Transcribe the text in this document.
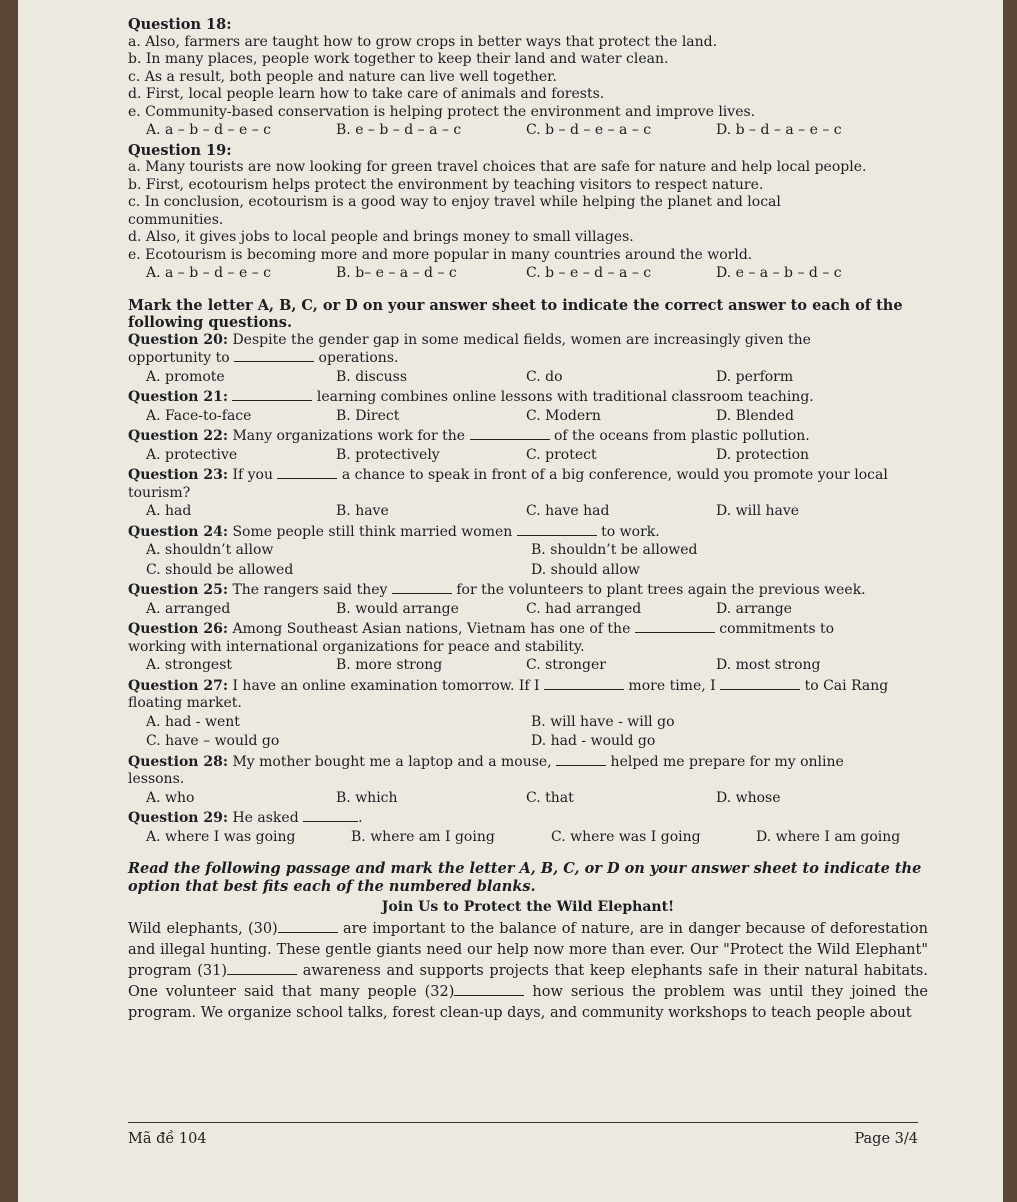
Question 18:
a. Also, farmers are taught how to grow crops in better ways that protect the land.
b. In many places, people work together to keep their land and water clean.
c. As a result, both people and nature can live well together.
d. First, local people learn how to take care of animals and forests.
e. Community-based conservation is helping protect the environment and improve lives.
A. a – b – d – e – c	B. e – b – d – a – c	C. b – d – e – a – c	D. b – d – a – e – c
Question 19:
a. Many tourists are now looking for green travel choices that are safe for nature and help local people.
b. First, ecotourism helps protect the environment by teaching visitors to respect nature.
c. In conclusion, ecotourism is a good way to enjoy travel while helping the planet and local
communities.
d. Also, it gives jobs to local people and brings money to small villages.
e. Ecotourism is becoming more and more popular in many countries around the world.
A. a – b – d – e – c	B. b– e – a – d – c	C. b – e – d – a – c	D. e – a – b – d – c
Mark the letter A, B, C, or D on your answer sheet to indicate the correct answer to each of the
following questions.
Question 20: Despite the gender gap in some medical fields, women are increasingly given the
opportunity to	operations.
A. promote	B. discuss	C. do	D. perform
Question 21:	learning combines online lessons with traditional classroom teaching.
A. Face-to-face	B. Direct	C. Modern	D. Blended
Question 22: Many organizations work for the	of the oceans from plastic pollution.
A. protective	B. protectively	C. protect	D. protection
Question 23: If you	a chance to speak in front of a big conference, would you promote your local
tourism?
A. had	B. have	C. have had	D. will have
Question 24: Some people still think married women	to work.
A. shouldn’t allow	B. shouldn’t be allowed
C. should be allowed	D. should allow
Question 25: The rangers said they	for the volunteers to plant trees again the previous week.
A. arranged	B. would arrange	C. had arranged	D. arrange
Question 26: Among Southeast Asian nations, Vietnam has one of the	commitments to
working with international organizations for peace and stability.
A. strongest	B. more strong	C. stronger	D. most strong
Question 27: I have an online examination tomorrow. If I	more time, I	to Cai Rang
floating market.
A. had - went	B. will have - will go
C. have – would go	D. had - would go
Question 28: My mother bought me a laptop and a mouse,	helped me prepare for my online
lessons.
A. who	B. which	C. that	D. whose
Question 29: He asked	.
A. where I was going	B. where am I going	C. where was I going	D. where I am going
Read the following passage and mark the letter A, B, C, or D on your answer sheet to indicate the
option that best fits each of the numbered blanks.
Join Us to Protect the Wild Elephant!
Wild elephants, (30)	are important to the balance of nature, are in danger because of deforestation and illegal hunting. These gentle giants need our help now more than ever. Our "Protect the Wild Elephant" program (31)	awareness and supports projects that keep elephants safe in their natural habitats. One volunteer said that many people (32)	how serious the problem was until they joined the program. We organize school talks, forest clean-up days, and community workshops to teach people about
Mã đề 104	Page 3/4
